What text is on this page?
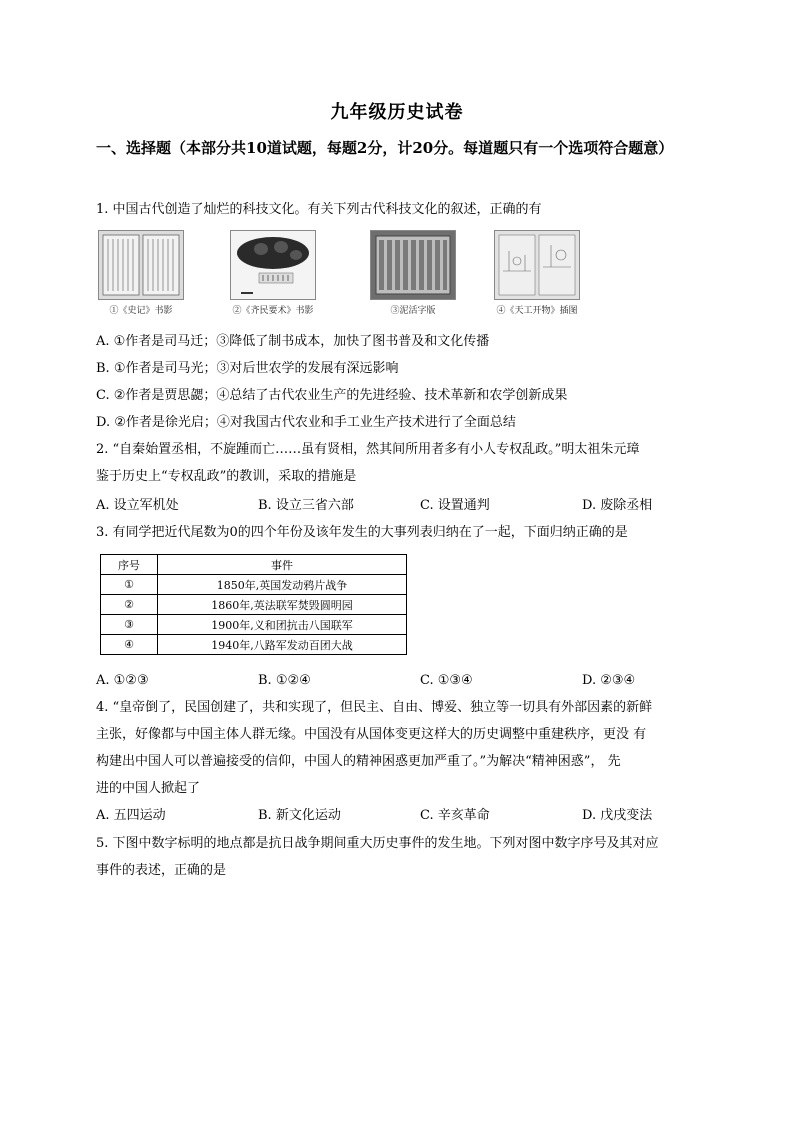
九年级历史试卷
一、选择题（本部分共10道试题，每题2分，计20分。每道题只有一个选项符合题意）
1. 中国古代创造了灿烂的科技文化。有关下列古代科技文化的叙述，正确的有
①《史记》书影	②《齐民要术》书影	③泥活字版	④《天工开物》插图
A. ①作者是司马迁；③降低了制书成本，加快了图书普及和文化传播
B. ①作者是司马光；③对后世农学的发展有深远影响
C. ②作者是贾思勰；④总结了古代农业生产的先进经验、技术革新和农学创新成果
D. ②作者是徐光启；④对我国古代农业和手工业生产技术进行了全面总结
2. “自秦始置丞相，不旋踵而亡……虽有贤相，然其间所用者多有小人专权乱政。”明太祖朱元璋
鉴于历史上“专权乱政”的教训，采取的措施是
A. 设立军机处	B. 设立三省六部	C. 设置通判	D. 废除丞相
3. 有同学把近代尾数为0的四个年份及该年发生的大事列表归纳在了一起，下面归纳正确的是
序号	事件
①	1850年,英国发动鸦片战争
②	1860年,英法联军焚毁圆明园
③	1900年,义和团抗击八国联军
④	1940年,八路军发动百团大战
A. ①②③	B. ①②④	C. ①③④	D. ②③④
4. “皇帝倒了，民国创建了，共和实现了，但民主、自由、博爱、独立等一切具有外部因素的新鲜
主张，好像都与中国主体人群无缘。中国没有从国体变更这样大的历史调整中重建秩序，更没 有
构建出中国人可以普遍接受的信仰，中国人的精神困惑更加严重了。”为解决“精神困惑”， 先
进的中国人掀起了
A. 五四运动	B. 新文化运动	C. 辛亥革命	D. 戊戌变法
5. 下图中数字标明的地点都是抗日战争期间重大历史事件的发生地。下列对图中数字序号及其对应
事件的表述，正确的是
